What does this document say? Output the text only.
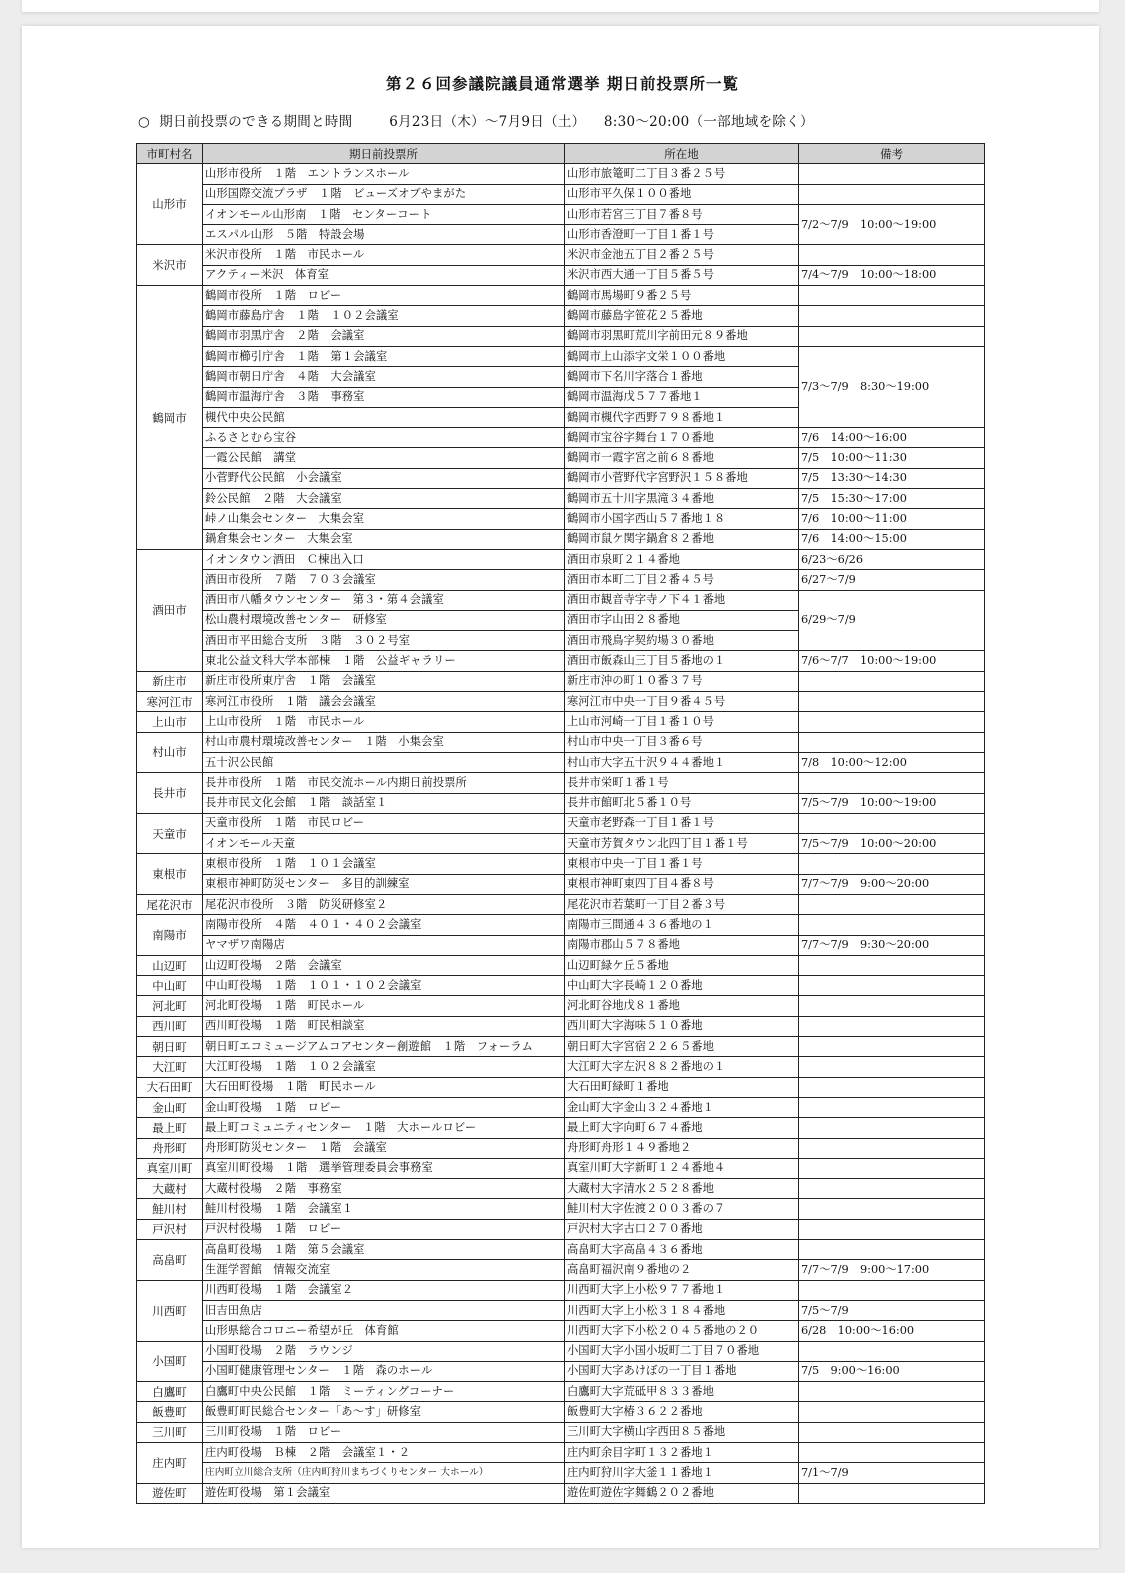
第２６回参議院議員通常選挙 期日前投票所一覧
○ 期日前投票のできる期間と時間	6月23日（木）～7月9日（土） 8:30～20:00（一部地域を除く）
市町村名	期日前投票所	所在地	備考
山形市	山形市役所　１階　エントランスホール	山形市旅篭町二丁目３番２５号	
	山形国際交流プラザ　１階　ビューズオブやまがた	山形市平久保１００番地	
	イオンモール山形南　１階　センターコート	山形市若宮三丁目７番８号	7/2～7/9　10:00～19:00
	エスパル山形　５階　特設会場	山形市香澄町一丁目１番１号	
米沢市	米沢市役所　１階　市民ホール	米沢市金池五丁目２番２５号	
	アクティー米沢　体育室	米沢市西大通一丁目５番５号	7/4～7/9　10:00～18:00
鶴岡市	鶴岡市役所　１階　ロビー	鶴岡市馬場町９番２５号	
	鶴岡市藤島庁舎　１階　１０２会議室	鶴岡市藤島字笹花２５番地	
	鶴岡市羽黒庁舎　２階　会議室	鶴岡市羽黒町荒川字前田元８９番地	
	鶴岡市櫛引庁舎　１階　第１会議室	鶴岡市上山添字文栄１００番地	7/3～7/9　8:30～19:00
	鶴岡市朝日庁舎　４階　大会議室	鶴岡市下名川字落合１番地	
	鶴岡市温海庁舎　３階　事務室	鶴岡市温海戊５７７番地１	
	槻代中央公民館	鶴岡市槻代字西野７９８番地１	
	ふるさとむら宝谷	鶴岡市宝谷字舞台１７０番地	7/6　14:00～16:00
	一霞公民館　講堂	鶴岡市一霞字宮之前６８番地	7/5　10:00～11:30
	小菅野代公民館　小会議室	鶴岡市小菅野代字宮野沢１５８番地	7/5　13:30～14:30
	鈴公民館　２階　大会議室	鶴岡市五十川字黒滝３４番地	7/5　15:30～17:00
	峠ノ山集会センター　大集会室	鶴岡市小国字西山５７番地１８	7/6　10:00～11:00
	鍋倉集会センター　大集会室	鶴岡市鼠ケ関字鍋倉８２番地	7/6　14:00～15:00
酒田市	イオンタウン酒田　Ｃ棟出入口	酒田市泉町２１４番地	6/23～6/26
	酒田市役所　７階　７０３会議室	酒田市本町二丁目２番４５号	6/27～7/9
	酒田市八幡タウンセンター　第３・第４会議室	酒田市観音寺字寺ノ下４１番地	6/29～7/9
	松山農村環境改善センター　研修室	酒田市字山田２８番地	
	酒田市平田総合支所　３階　３０２号室	酒田市飛鳥字契約場３０番地	
	東北公益文科大学本部棟　１階　公益ギャラリー	酒田市飯森山三丁目５番地の１	7/6～7/7　10:00～19:00
新庄市	新庄市役所東庁舎　１階　会議室	新庄市沖の町１０番３７号	
寒河江市	寒河江市役所　１階　議会会議室	寒河江市中央一丁目９番４５号	
上山市	上山市役所　１階　市民ホール	上山市河崎一丁目１番１０号	
村山市	村山市農村環境改善センター　１階　小集会室	村山市中央一丁目３番６号	
	五十沢公民館	村山市大字五十沢９４４番地１	7/8　10:00～12:00
長井市	長井市役所　１階　市民交流ホール内期日前投票所	長井市栄町１番１号	
	長井市民文化会館　１階　談話室１	長井市館町北５番１０号	7/5～7/9　10:00～19:00
天童市	天童市役所　１階　市民ロビー	天童市老野森一丁目１番１号	
	イオンモール天童	天童市芳賀タウン北四丁目１番１号	7/5～7/9　10:00～20:00
東根市	東根市役所　１階　１０１会議室	東根市中央一丁目１番１号	
	東根市神町防災センター　多目的訓練室	東根市神町東四丁目４番８号	7/7～7/9　9:00～20:00
尾花沢市	尾花沢市役所　３階　防災研修室２	尾花沢市若葉町一丁目２番３号	
南陽市	南陽市役所　４階　４０１・４０２会議室	南陽市三間通４３６番地の１	
	ヤマザワ南陽店	南陽市郡山５７８番地	7/7～7/9　9:30～20:00
山辺町	山辺町役場　２階　会議室	山辺町緑ケ丘５番地	
中山町	中山町役場　１階　１０１・１０２会議室	中山町大字長崎１２０番地	
河北町	河北町役場　１階　町民ホール	河北町谷地戊８１番地	
西川町	西川町役場　１階　町民相談室	西川町大字海味５１０番地	
朝日町	朝日町エコミュージアムコアセンター創遊館　１階　フォーラム	朝日町大字宮宿２２６５番地	
大江町	大江町役場　１階　１０２会議室	大江町大字左沢８８２番地の１	
大石田町	大石田町役場　１階　町民ホール	大石田町緑町１番地	
金山町	金山町役場　１階　ロビー	金山町大字金山３２４番地１	
最上町	最上町コミュニティセンター　１階　大ホールロビー	最上町大字向町６７４番地	
舟形町	舟形町防災センター　１階　会議室	舟形町舟形１４９番地２	
真室川町	真室川町役場　１階　選挙管理委員会事務室	真室川町大字新町１２４番地４	
大蔵村	大蔵村役場　２階　事務室	大蔵村大字清水２５２８番地	
鮭川村	鮭川村役場　１階　会議室１	鮭川村大字佐渡２００３番の７	
戸沢村	戸沢村役場　１階　ロビー	戸沢村大字古口２７０番地	
高畠町	高畠町役場　１階　第５会議室	高畠町大字高畠４３６番地	
	生涯学習館　情報交流室	高畠町福沢南９番地の２	7/7～7/9　9:00～17:00
川西町	川西町役場　１階　会議室２	川西町大字上小松９７７番地１	
	旧吉田魚店	川西町大字上小松３１８４番地	7/5～7/9
	山形県総合コロニー希望が丘　体育館	川西町大字下小松２０４５番地の２０	6/28　10:00～16:00
小国町	小国町役場　２階　ラウンジ	小国町大字小国小坂町二丁目７０番地	
	小国町健康管理センター　１階　森のホール	小国町大字あけぼの一丁目１番地	7/5　9:00～16:00
白鷹町	白鷹町中央公民館　１階　ミーティングコーナー	白鷹町大字荒砥甲８３３番地	
飯豊町	飯豊町町民総合センター「あ～す」研修室	飯豊町大字椿３６２２番地	
三川町	三川町役場　１階　ロビー	三川町大字横山字西田８５番地	
庄内町	庄内町役場　Ｂ棟　２階　会議室１・２	庄内町余目字町１３２番地１	
	庄内町立川総合支所（庄内町狩川まちづくりセンター 大ホール）	庄内町狩川字大釜１１番地１	7/1～7/9
遊佐町	遊佐町役場　第１会議室	遊佐町遊佐字舞鶴２０２番地	
